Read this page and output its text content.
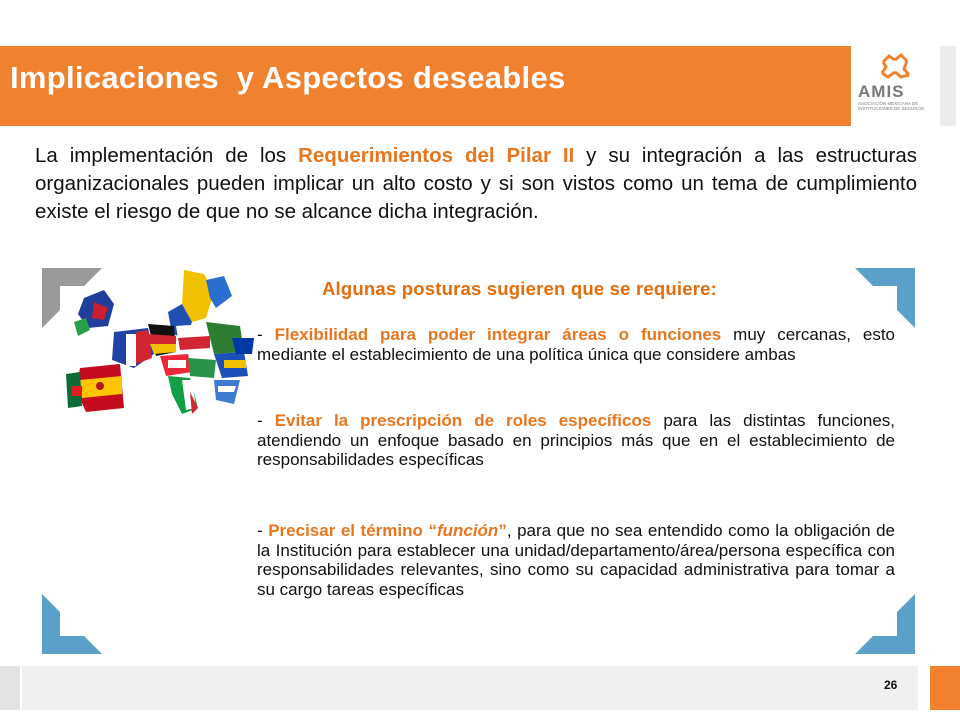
Implicaciones  y Aspectos deseables	AMIS
ASOCIACIÓN MEXICANA DE INSTITUCIONES DE SEGUROS
La implementación de los Requerimientos del Pilar II y su integración a las estructuras organizacionales pueden implicar un alto costo y si son vistos como un tema de cumplimiento existe el riesgo de que no se alcance dicha integración.
Algunas posturas sugieren que se requiere:
- Flexibilidad para poder integrar áreas o funciones muy cercanas, esto mediante el establecimiento de una política única que considere ambas
- Evitar la prescripción de roles específicos para las distintas funciones, atendiendo un enfoque basado en principios más que en el establecimiento de responsabilidades específicas
- Precisar el término “función”, para que no sea entendido como la obligación de la Institución para establecer una unidad/departamento/área/persona específica con responsabilidades relevantes, sino como su capacidad administrativa para tomar a su cargo tareas específicas
26
